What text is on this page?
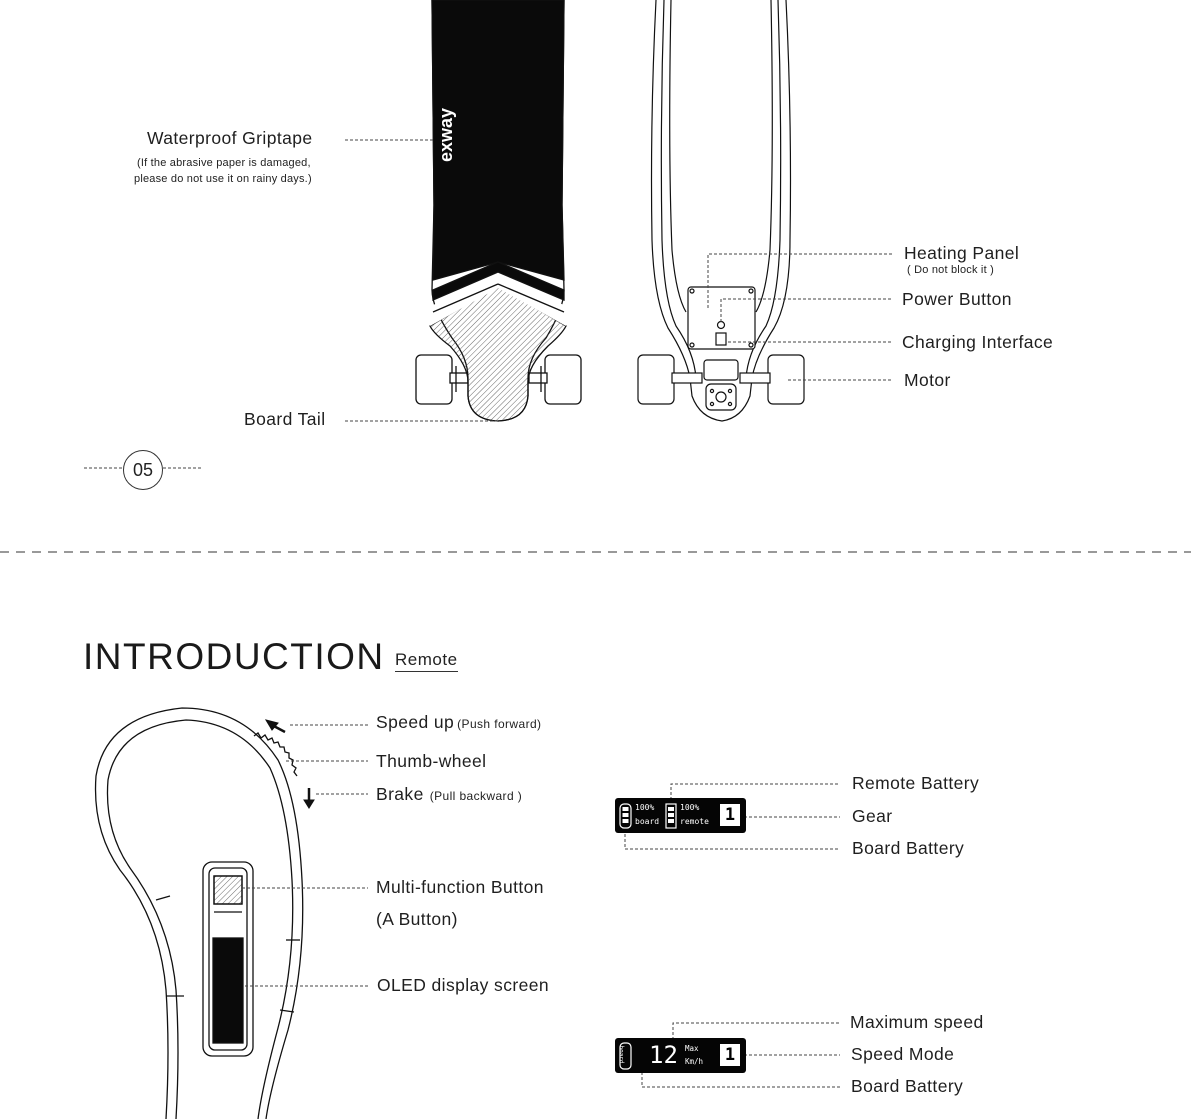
exway
Waterproof Griptape
(If the abrasive paper is damaged,
please do not use it on rainy days.)
Board Tail
Heating Panel
( Do not block it )
Power Button
Charging Interface
Motor
05
INTRODUCTION Remote
Speed up (Push forward)
Thumb-wheel
Brake (Pull backward )
Multi-function Button
(A Button)
OLED display screen
100%
board
100%
remote 1
Remote Battery
Gear
Board Battery
board 12 Max
Km/h 1
Maximum speed
Speed Mode
Board Battery
